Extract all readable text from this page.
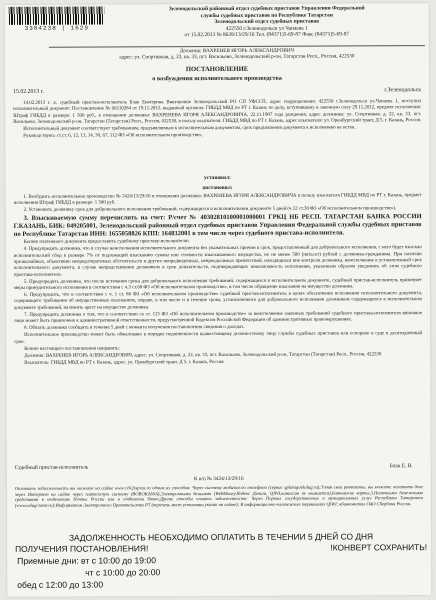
3304238 | 1629
Зеленодольский районный отдел судебных приставов Управления Федеральной
службы судебных приставов по Республике Татарстан
Зеленодольский отдел судебных приставов
422550 г.Зеленодольск ул Чапаева 1
от 15.02.2013 № 8639/13/29/16 Тел. (84371)5-69-87 Факс (84371)5-69-87
Должник: ВАХРЕНЕВ ИГОРЬ АЛЕКСАНДРОВИЧ
адрес: ул. Спортивная, д. 22, кв. 33, пгт. Васильево, Зеленодольский р-он, Татарстан Респ., Россия, 422530
ПОСТАНОВЛЕНИЕ
о возбуждении исполнительного производства
15.02.2013 г.	г.Зеленодольск

14.02.2013 г. я, судебный пристав-исполнитель Блак Екатерина Викторовне Зеленодольский РО СП УФССП, адрес подразделения: 422550 г.Зеленодольск ул.Чапаева 1, поступил исполнительный документ: Постановление № 06110284 от 19.11.2012, выданный органом: ГИБДД МВД по РТ г. Казань по делу, вступившему в законную силу 29.11.2012, предмет исполнения: Штраф ГИБДД в размере: 1 500 руб., в отношении должника: ВАХРЕНЕВА ИГОРЯ АЛЕКСАНДРОВИЧА, 22.11.1987 года рождения, адрес должника: ул. Спортивная, д. 22, кв. 33, пгт. Васильево, Зеленодольский р-он, Татарстан (Татарстан) Респ., Россия, 422530, в пользу взыскателя: ГИБДД МВД по РТ г. Казань, адрес взыскателя: ул. Оренбургский тракт, Д 5, г. Казань, Россия.

Исполнительный документ соответствует требованиям, предъявляемым к исполнительным документам, срок предъявления документа к исполнению не истек.

Руководствуясь ст.ст. 6, 12, 13, 14, 30, 67, 112 ФЗ «Об исполнительном производстве»,

установил:
постановил:

1. Возбудить исполнительное производство № 3424/13/29/16 в отношении должника: ВАХРЕНЕВА ИГОРЯ АЛЕКСАНДРОВИЧА в пользу взыскателя ГИБДД МВД по РТ г. Казань, предмет исполнения Штраф ГИБДД в размере: 1 500 руб.

2. Установить должнику срок для добровольного исполнения требований, содержащихся в исполнительном документе 5 дней (ч.12 ст.30 ФЗ «Об исполнительном производстве»).

3. Взыскиваемую сумму перечислить на счет: Р/счет № 40302810100001000001 ГРКЦ НБ РЕСП. ТАТАРСТАН БАНКА РОССИИ Г.КАЗАНЬ, БИК: 049205001, Зеленодольский районный отдел судебных приставов Управления Федеральной службы судебных приставов по Республике Татарстан ИНН: 1655058826 КПП: 164832001 в том числе через судебного пристава-исполнителя.

Копию платежного документа предоставить судебному приставу-исполнителю.

4. Предупредить должника, что в случае неисполнения исполнительного документа без уважительных причин в срок, предоставленный для добровольного исполнения, с него будет взыскан исполнительский сбор в размере 7% от подлежащей взысканию суммы или стоимости взыскиваемого имущества, но не менее 500 (пятьсот) рублей с должника-гражданина. При наличии чрезвычайных, объективно непредотвратимых обстоятельств и других непредвиденных, непреодолимых препятствий, находящихся вне контроля должника, неисполнение в установленный срок исполнительного документа, в случае непредставления должником в срок доказательств, подтверждающих невозможность исполнения, указанным образом уведомить об этом судебного пристава-исполнителя.

5. Предупредить должника, что после истечения срока для добровольного исполнения требований, содержащихся в исполнительном документе, судебный пристав-исполнитель применяет меры принудительного исполнения в соответствии с ч.3 ст.68 ФЗ «Об исполнительном производстве», в том числе обращение взыскания на имущество должника.

6. Предупредить, что в соответствии с ч. 1 ст. 80 ФЗ «Об исполнительном производстве» судебный пристав-исполнитель в целях обеспечения исполнения исполнительного документа, содержащего требования об имущественных взысканиях, вправе, в том числе и в течение срока, установленного для добровольного исполнения должником содержащихся в исполнительном документе требований, наложить арест на имущество должника.

7. Предупредить должника о том, что в соответствии со ст. 113 ФЗ «Об исполнительном производстве» за неисполнение законных требований судебного пристава-исполнителя виновное лицо может быть привлечено к административной ответственности, предусмотренной Кодексом Российской Федерации об административных правонарушениях.

8. Обязать должника сообщить в течение 5 дней с момента получения постановления сведения о доходах.

Исполнительное производство может быть обжаловано в порядке подчиненности вышестоящему должностному лицу службы судебных приставов или оспорено в суде в десятидневный срок.

Копию настоящего постановления направить:

Должник: ВАХРЕНЕВ ИГОРЬ АЛЕКСАНДРОВИЧ, адрес: ул. Спортивная, д. 22, кв. 33, пгт. Васильево, Зеленодольский р-он, Татарстан (Татарстан) Респ., Россия, 422530

Взыскатель: ГИБДД МВД по РТ г. Казань, адрес: ул. Оренбургский тракт, Д 5, г. Казань, Россия

Судебный пристав-исполнитель	Блак Е. В.
К и/п № 3424/13/29/16
Оплатить задолженность вы можете на сайте www.r16.fssprus.ru одним из способов: Через систему мобильного телефона (сервис qplatagoskalug.ru);Узнав свои реквизиты, вы можете оплатить долг через Интернет на сайте через платежную систему (ROBOKASSA),Электронными деньгами (WebMoney,Яндекс Деньги, QIWI,комиссия не взимается),Банковские карты,3.Наличными денежными средствами в отделениях Почты России или в отделении банка.Другие способы оплаты задолженности: Через Портал государственных и муниципальных услуг Республики Татарстан (www.uslugi.tatar.ru);Информатом Электронного Правительства РТ (перечень мест установки указан на сайте); В информационно-платежных терминалах QIWI; кбанкоматах ОАО Сбербанк России.
ЗАДОЛЖЕННОСТЬ НЕОБХОДИМО ОПЛАТИТЬ В ТЕЧЕНИИ 5 ДНЕЙ СО ДНЯ
ПОЛУЧЕНИЯ ПОСТАНОВЛЕНИЯ!	!КОНВЕРТ СОХРАНИТЬ!
Приемные дни: вт с 10:00 до 19:00
чт с 10:00 до 20:00
обед с 12:00 до 13:00
